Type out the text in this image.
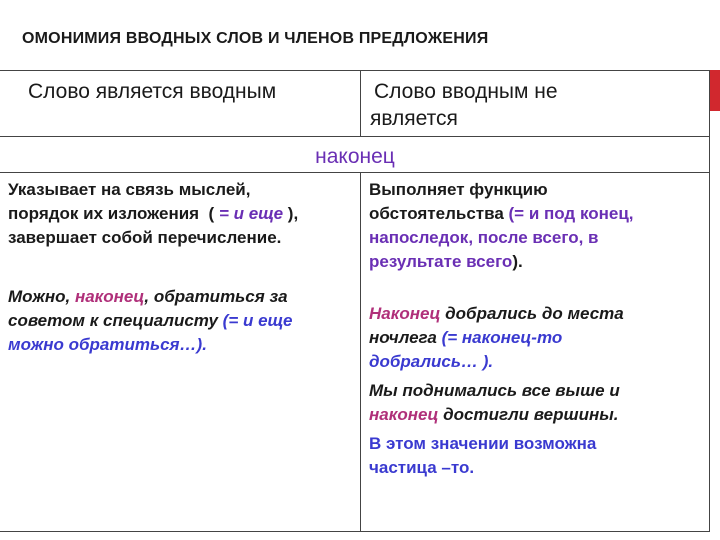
ОМОНИМИЯ ВВОДНЫХ СЛОВ И ЧЛЕНОВ ПРЕДЛОЖЕНИЯ
Слово является вводным	Слово вводным не
является
наконец
Указывает на связь мыслей,
порядок их изложения  ( = и еще ),
завершает собой перечисление.
Выполняет функцию
обстоятельства (= и под конец,
напоследок, после всего, в
результате всего).
Можно, наконец, обратиться за
советом к специалисту (= и еще
можно обратиться…).
Наконец добрались до места
ночлега (= наконец-то
добрались… ).
Мы поднимались все выше и
наконец достигли вершины.
В этом значении возможна
частица –то.
